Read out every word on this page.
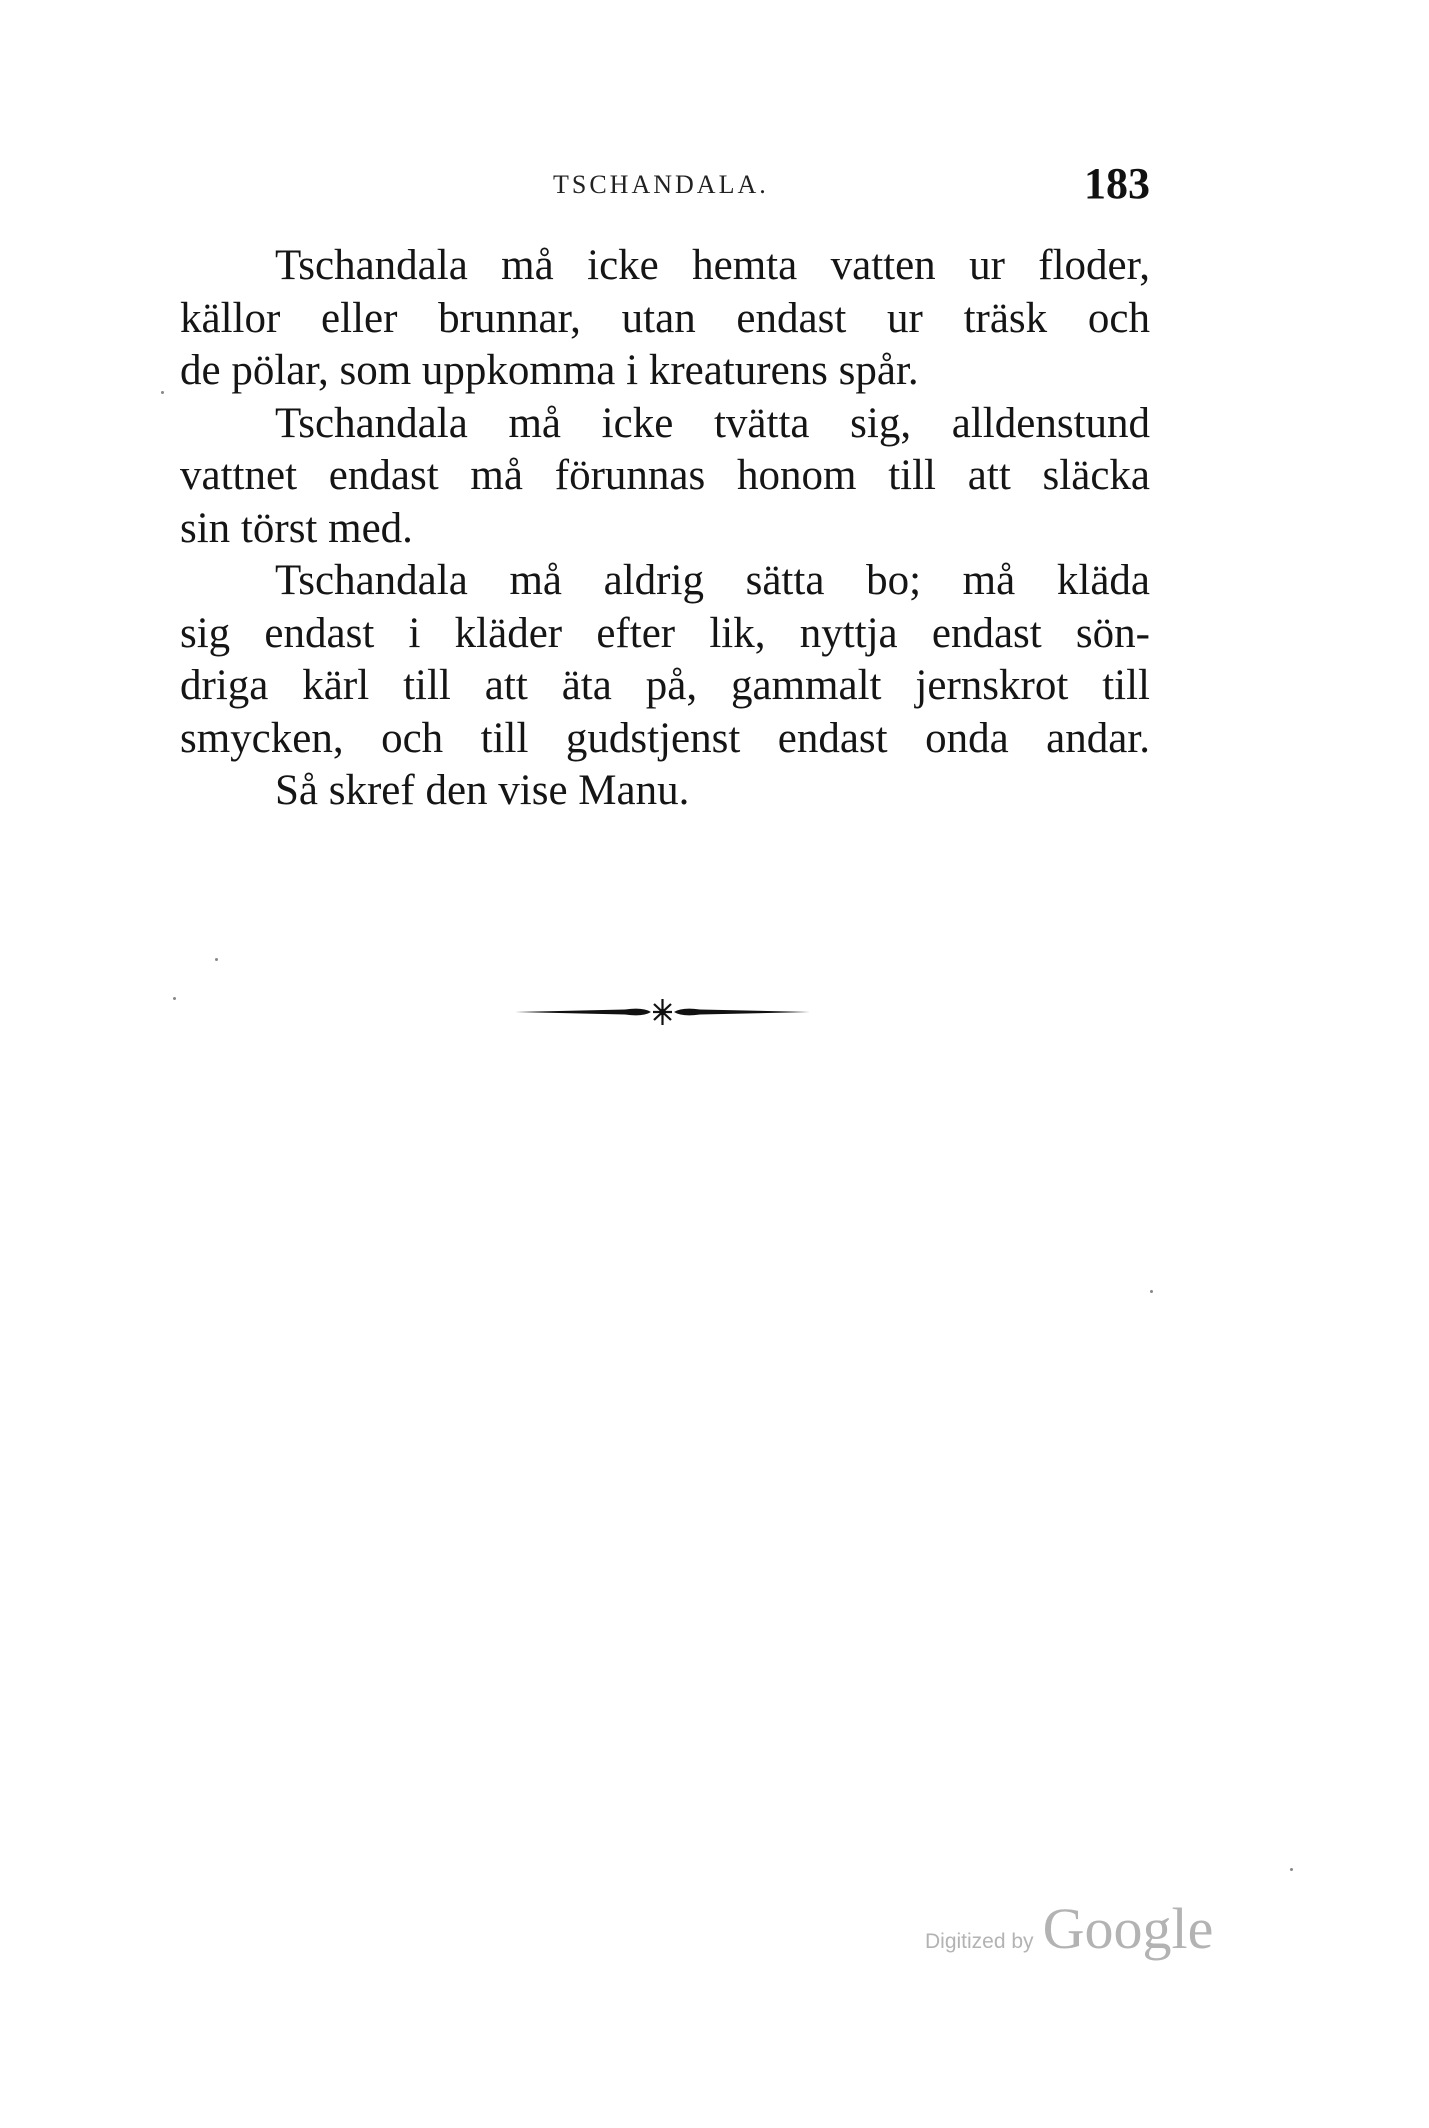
TSCHANDALA.	183
Tschandala må icke hemta vatten ur floder,
källor eller brunnar, utan endast ur träsk och
de pölar, som uppkomma i kreaturens spår.
Tschandala må icke tvätta sig, alldenstund
vattnet endast må förunnas honom till att släcka
sin törst med.
Tschandala må aldrig sätta bo; må kläda
sig endast i kläder efter lik, nyttja endast sön-
driga kärl till att äta på, gammalt jernskrot till
smycken, och till gudstjenst endast onda andar.
Så skref den vise Manu.
Digitized by Google
